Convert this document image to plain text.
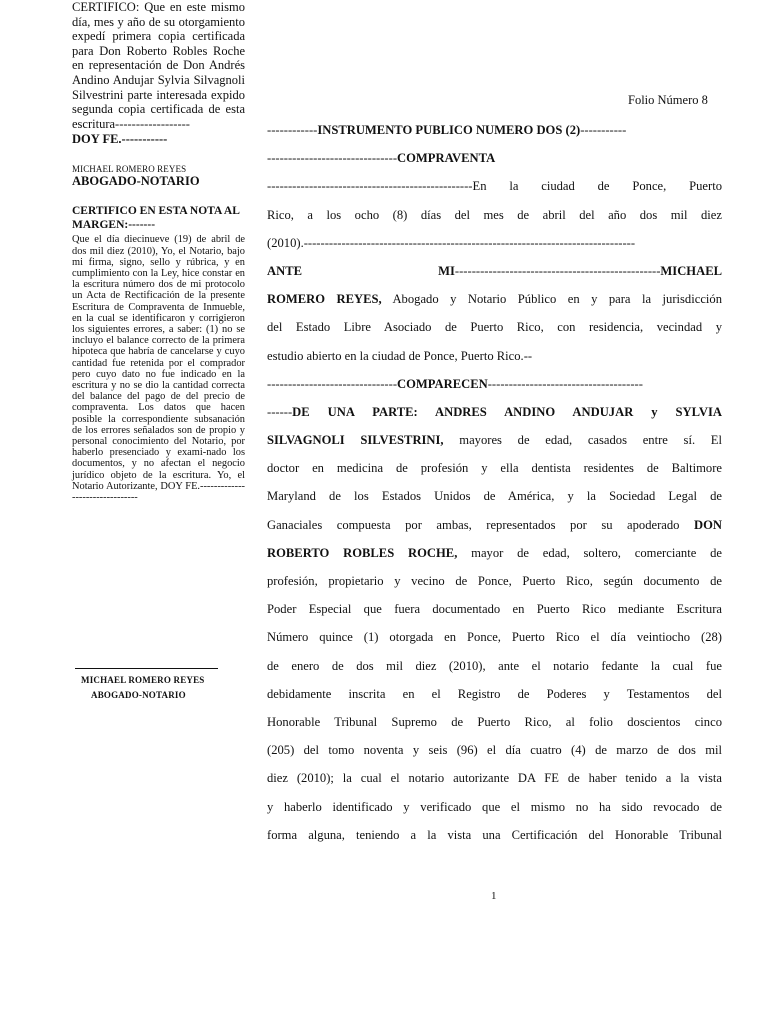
CERTIFICO: Que en este mismo día, mes y año de su otorgamiento expedí primera copia certificada para Don Roberto Robles Roche en representación de Don Andrés Andino Andujar Sylvia Silvagnoli Silvestrini parte interesada expido segunda copia certificada de esta escritura------------------

DOY FE.-----------

MICHAEL ROMERO REYES

ABOGADO-NOTARIO

CERTIFICO EN ESTA NOTA AL MARGEN:-------

Que el día diecinueve (19) de abril de dos mil diez (2010), Yo, el Notario, bajo mi firma, signo, sello y rúbrica, y en cumplimiento con la Ley, hice constar en la escritura número dos de mi protocolo un Acta de Rectificación de la presente Escritura de Compraventa de Inmueble, en la cual se identificaron y corrigieron los siguientes errores, a saber: (1) no se incluyo el balance correcto de la primera hipoteca que habría de cancelarse y cuyo cantidad fue retenida por el comprador pero cuyo dato no fue indicado en la escritura y no se dio la cantidad correcta del balance del pago de del precio de compraventa. Los datos que hacen posible la correspondiente subsanación de los errores señalados son de propio y personal conocimiento del Notario, por haberlo presenciado y exami-nado los documentos, y no afectan el negocio jurídico objeto de la escritura. Yo, el Notario Autorizante, DOY FE.--------------------------------

MICHAEL ROMERO REYES
ABOGADO-NOTARIO
Folio Número 8
------------INSTRUMENTO PUBLICO NUMERO DOS (2)-----------
-------------------------------COMPRAVENTA
-------------------------------------------------En la ciudad de Ponce, Puerto
Rico, a los ocho (8) días del mes de abril del año dos mil diez
(2010).-------------------------------------------------------------------------------
ANTE MI-------------------------------------------------MICHAEL
ROMERO REYES, Abogado y Notario Público en y para la jurisdicción
del Estado Libre Asociado de Puerto Rico, con residencia, vecindad y
estudio abierto en la ciudad de Ponce, Puerto Rico.--
-------------------------------COMPARECEN-------------------------------------
------DE UNA PARTE: ANDRES ANDINO ANDUJAR y SYLVIA
SILVAGNOLI SILVESTRINI, mayores de edad, casados entre sí. El
doctor en medicina de profesión y ella dentista residentes de Baltimore
Maryland de los Estados Unidos de América, y la Sociedad Legal de
Ganaciales compuesta por ambas, representados por su apoderado DON
ROBERTO ROBLES ROCHE, mayor de edad, soltero, comerciante de
profesión, propietario y vecino de Ponce, Puerto Rico, según documento de
Poder Especial que fuera documentado en Puerto Rico mediante Escritura
Número quince (1) otorgada en Ponce, Puerto Rico el día veintiocho (28)
de enero de dos mil diez (2010), ante el notario fedante la cual fue
debidamente inscrita en el Registro de Poderes y Testamentos del
Honorable Tribunal Supremo de Puerto Rico, al folio doscientos cinco
(205) del tomo noventa y seis (96) el día cuatro (4) de marzo de dos mil
diez (2010); la cual el notario autorizante DA FE de haber tenido a la vista
y haberlo identificado y verificado que el mismo no ha sido revocado de
forma alguna, teniendo a la vista una Certificación del Honorable Tribunal
1
